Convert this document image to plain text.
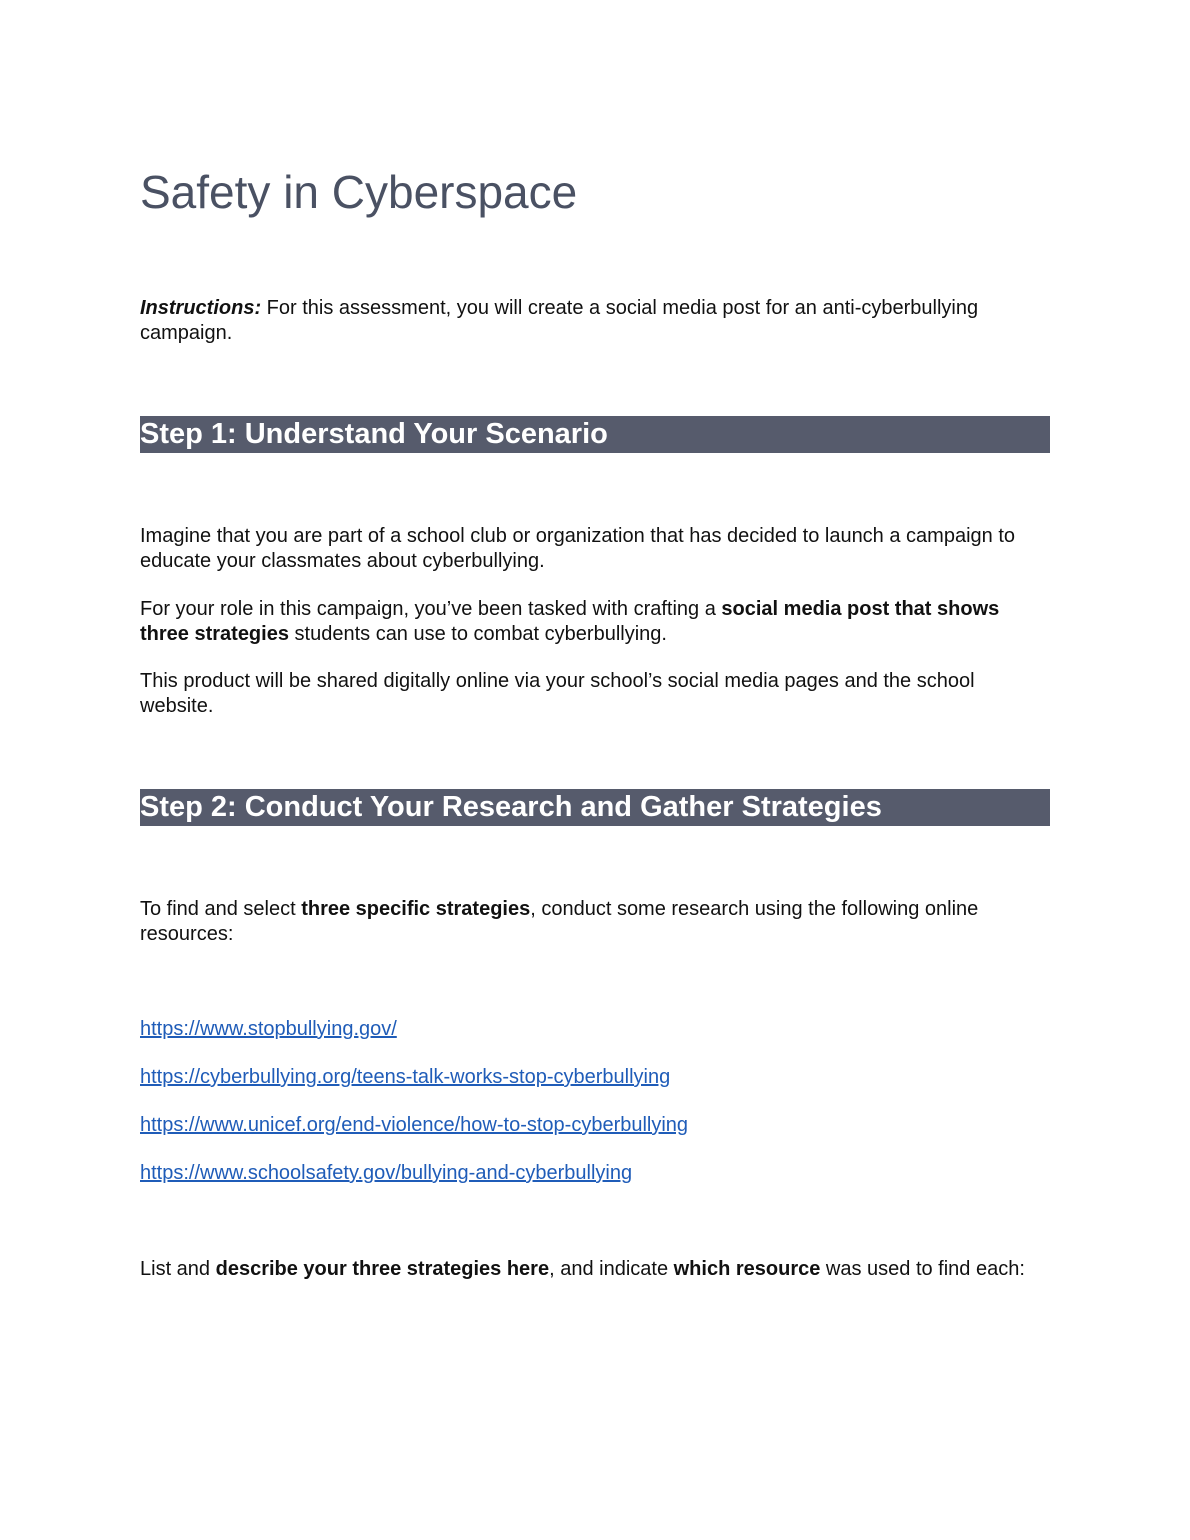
Safety in Cyberspace

Instructions: For this assessment, you will create a social media post for an anti-cyberbullying campaign.

Step 1: Understand Your Scenario

Imagine that you are part of a school club or organization that has decided to launch a campaign to educate your classmates about cyberbullying.

For your role in this campaign, you’ve been tasked with crafting a social media post that shows three strategies students can use to combat cyberbullying.

This product will be shared digitally online via your school’s social media pages and the school website.

Step 2: Conduct Your Research and Gather Strategies

To find and select three specific strategies, conduct some research using the following online resources:

https://www.stopbullying.gov/
https://cyberbullying.org/teens-talk-works-stop-cyberbullying
https://www.unicef.org/end-violence/how-to-stop-cyberbullying
https://www.schoolsafety.gov/bullying-and-cyberbullying

List and describe your three strategies here, and indicate which resource was used to find each:
